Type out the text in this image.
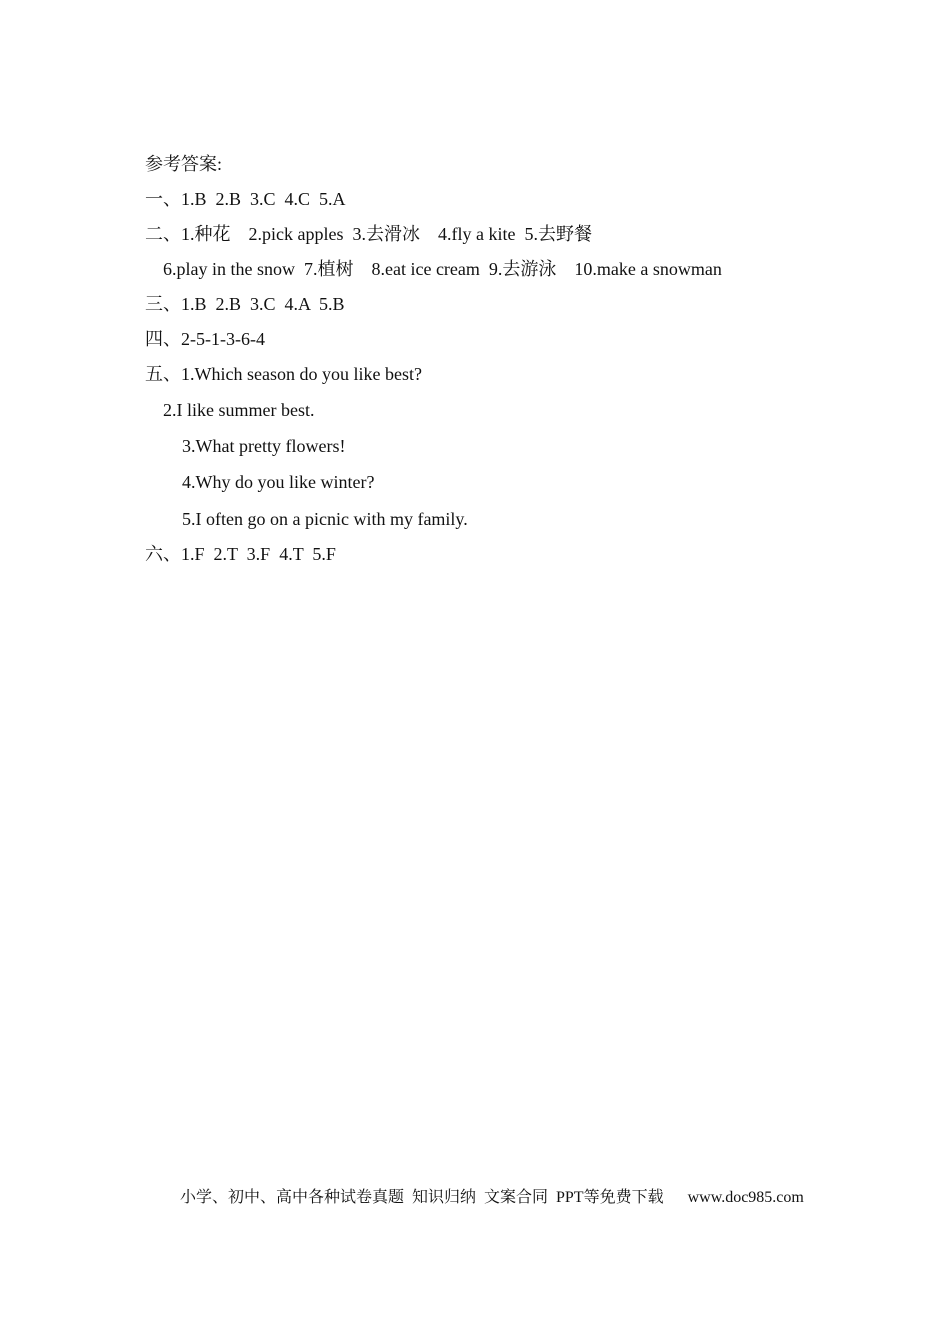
参考答案:
一、1.B  2.B  3.C  4.C  5.A
二、1.种花    2.pick apples  3.去滑冰    4.fly a kite  5.去野餐
6.play in the snow  7.植树    8.eat ice cream  9.去游泳    10.make a snowman
三、1.B  2.B  3.C  4.A  5.B
四、2-5-1-3-6-4
五、1.Which season do you like best?
2.I like summer best.
3.What pretty flowers!
4.Why do you like winter?
5.I often go on a picnic with my family.
六、1.F  2.T  3.F  4.T  5.F

小学、初中、高中各种试卷真题  知识归纳  文案合同  PPT等免费下载 www.doc985.com
